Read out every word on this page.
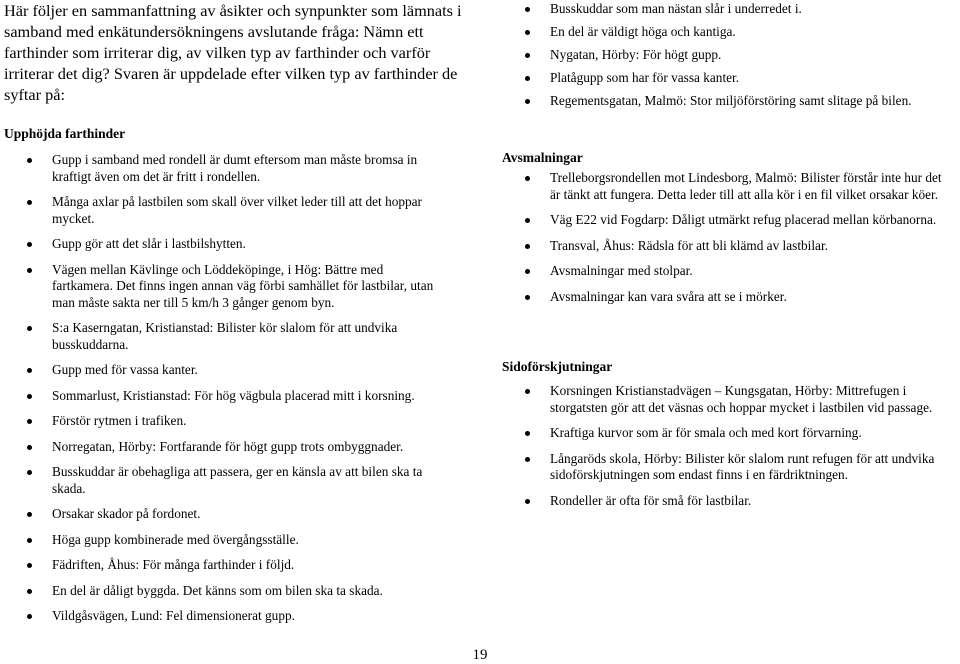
Här följer en sammanfattning av åsikter och synpunkter som lämnats i samband med enkätundersökningens avslutande fråga: Nämn ett farthinder som irriterar dig, av vilken typ av farthinder och varför irriterar det dig? Svaren är uppdelade efter vilken typ av farthinder de syftar på:

Upphöjda farthinder

Gupp i samband med rondell är dumt eftersom man måste bromsa in kraftigt även om det är fritt i rondellen.
Många axlar på lastbilen som skall över vilket leder till att det hoppar mycket.
Gupp gör att det slår i lastbilshytten.
Vägen mellan Kävlinge och Löddeköpinge, i Hög: Bättre med fartkamera. Det finns ingen annan väg förbi samhället för lastbilar, utan man måste sakta ner till 5 km/h 3 gånger genom byn.
S:a Kaserngatan, Kristianstad: Bilister kör slalom för att undvika busskuddarna.
Gupp med för vassa kanter.
Sommarlust, Kristianstad: För hög vägbula placerad mitt i korsning.
Förstör rytmen i trafiken.
Norregatan, Hörby: Fortfarande för högt gupp trots ombyggnader.
Busskuddar är obehagliga att passera, ger en känsla av att bilen ska ta skada.
Orsakar skador på fordonet.
Höga gupp kombinerade med övergångsställe.
Fädriften, Åhus: För många farthinder i följd.
En del är dåligt byggda. Det känns som om bilen ska ta skada.
Vildgåsvägen, Lund: Fel dimensionerat gupp.
Busskuddar som man nästan slår i underredet i.
En del är väldigt höga och kantiga.
Nygatan, Hörby: För högt gupp.
Platågupp som har för vassa kanter.
Regementsgatan, Malmö: Stor miljöförstöring samt slitage på bilen.

Avsmalningar

Trelleborgsrondellen mot Lindesborg, Malmö: Bilister förstår inte hur det är tänkt att fungera. Detta leder till att alla kör i en fil vilket orsakar köer.
Väg E22 vid Fogdarp: Dåligt utmärkt refug placerad mellan körbanorna.
Transval, Åhus: Rädsla för att bli klämd av lastbilar.
Avsmalningar med stolpar.
Avsmalningar kan vara svåra att se i mörker.

Sidoförskjutningar

Korsningen Kristianstadvägen – Kungsgatan, Hörby: Mittrefugen i storgatsten gör att det väsnas och hoppar mycket i lastbilen vid passage.
Kraftiga kurvor som är för smala och med kort förvarning.
Långaröds skola, Hörby: Bilister kör slalom runt refugen för att undvika sidoförskjutningen som endast finns i en färdriktningen.
Rondeller är ofta för små för lastbilar.
19
